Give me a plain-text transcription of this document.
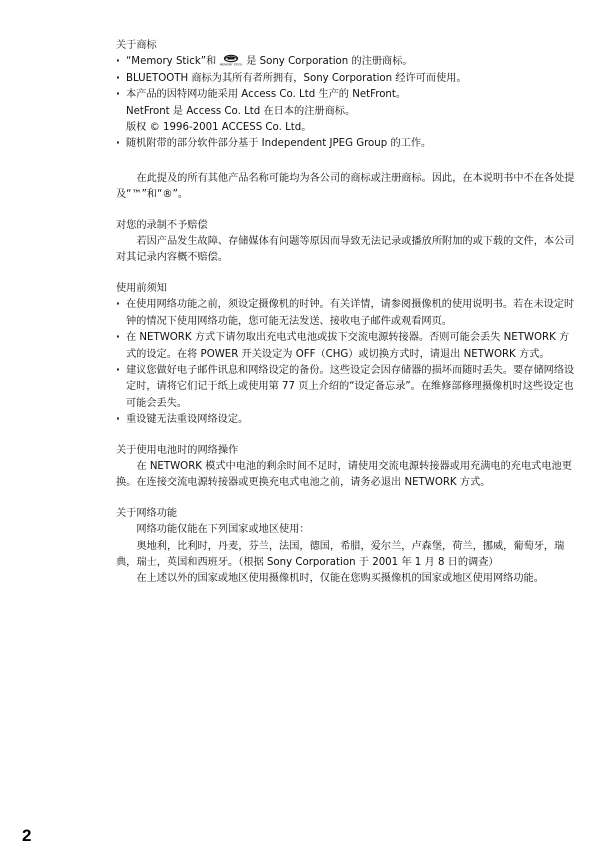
关于商标
· “Memory Stick”和 MEMORY STICK 是 Sony Corporation 的注册商标。
· BLUETOOTH 商标为其所有者所拥有，Sony Corporation 经许可而使用。
· 本产品的因特网功能采用 Access Co. Ltd 生产的 NetFront。
NetFront 是 Access Co. Ltd 在日本的注册商标。
版权 © 1996-2001 ACCESS Co. Ltd。
· 随机附带的部分软件部分基于 Independent JPEG Group 的工作。

在此提及的所有其他产品名称可能均为各公司的商标或注册商标。因此，在本说明书中不在各处提及“™”和“®”。

对您的录制不予赔偿

若因产品发生故障、存储媒体有问题等原因而导致无法记录或播放所附加的或下载的文件，本公司对其记录内容概不赔偿。

使用前须知
· 在使用网络功能之前，须设定摄像机的时钟。有关详情，请参阅摄像机的使用说明书。若在未设定时钟的情况下使用网络功能，您可能无法发送、接收电子邮件或观看网页。
· 在 NETWORK 方式下请勿取出充电式电池或拔下交流电源转接器。否则可能会丢失 NETWORK 方式的设定。在将 POWER 开关设定为 OFF（CHG）或切换方式时，请退出 NETWORK 方式。
· 建议您做好电子邮件讯息和网络设定的备份。这些设定会因存储器的损坏而随时丢失。要存储网络设定时，请将它们记于纸上或使用第 77 页上介绍的“设定备忘录”。在维修部修理摄像机时这些设定也可能会丢失。
· 重设键无法重设网络设定。
关于使用电池时的网络操作

在 NETWORK 模式中电池的剩余时间不足时，请使用交流电源转接器或用充满电的充电式电池更换。在连接交流电源转接器或更换充电式电池之前，请务必退出 NETWORK 方式。

关于网络功能

网络功能仅能在下列国家或地区使用：

奥地利，比利时，丹麦，芬兰，法国，德国，希腊，爱尔兰，卢森堡，荷兰，挪威，葡萄牙，瑞典，瑞士，英国和西班牙。（根据 Sony Corporation 于 2001 年 1 月 8 日的调查）

在上述以外的国家或地区使用摄像机时，仅能在您购买摄像机的国家或地区使用网络功能。

2
